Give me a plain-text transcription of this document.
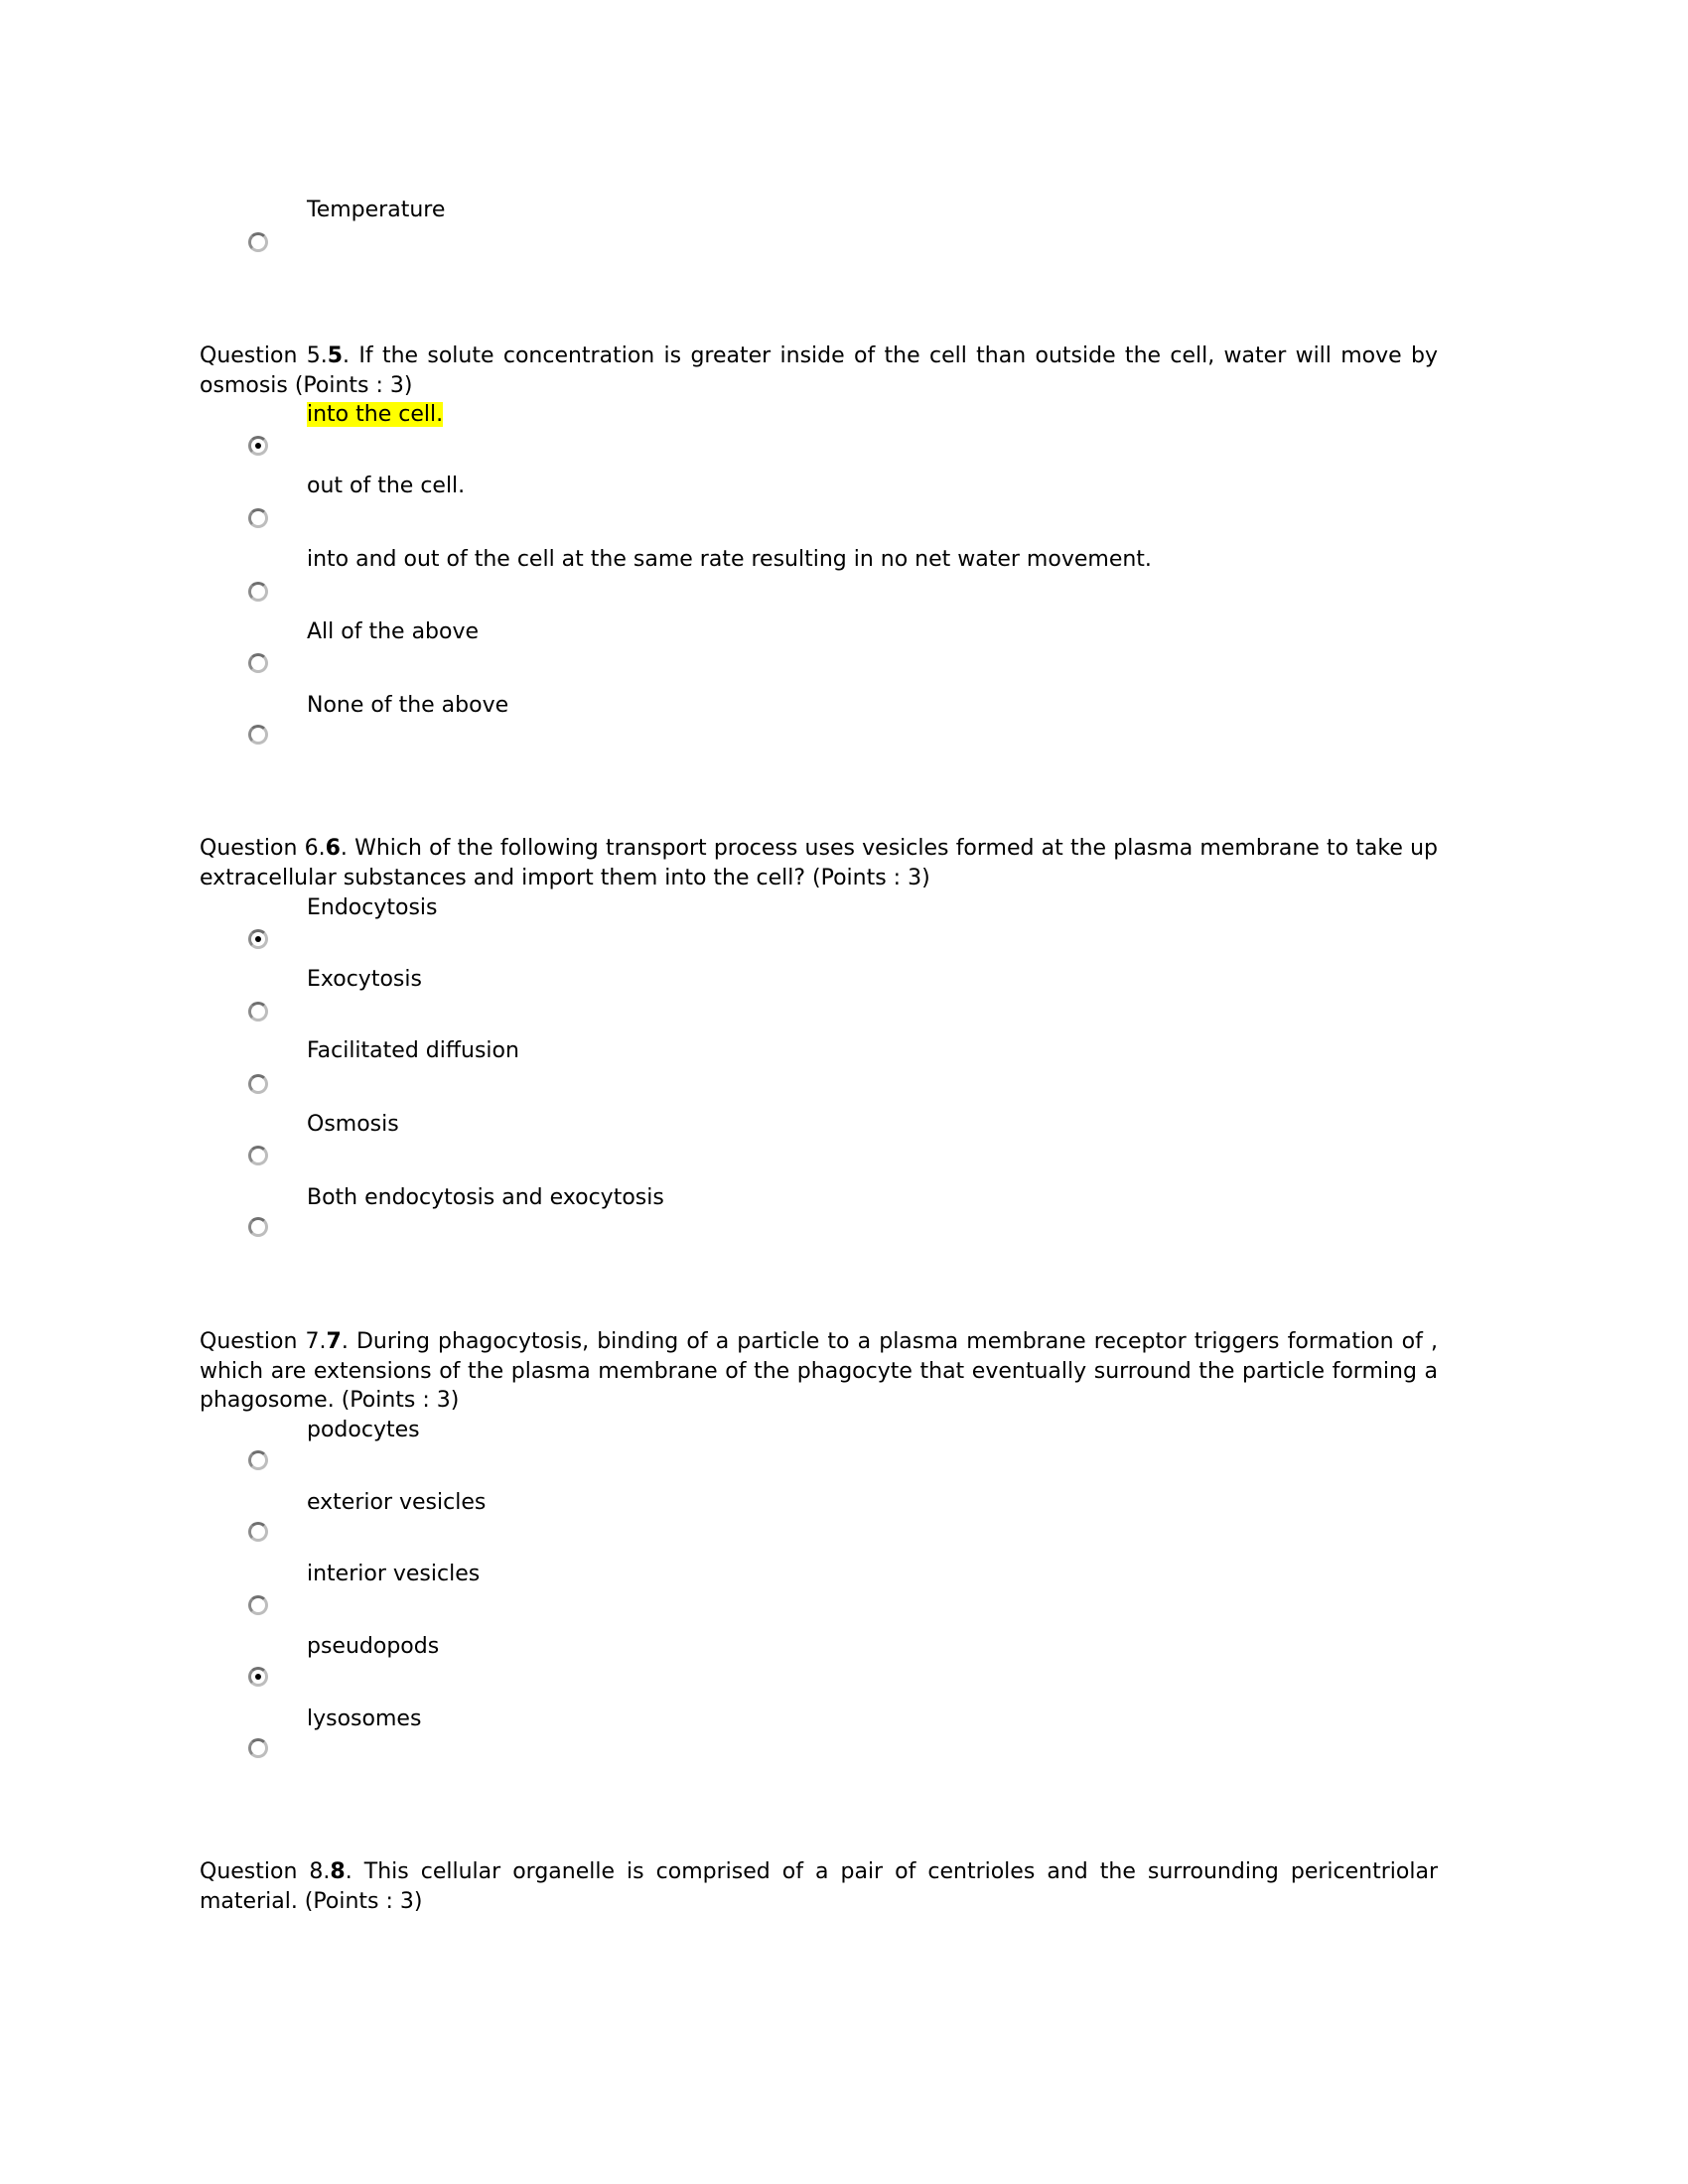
Temperature
Question 5.5. If the solute concentration is greater inside of the cell than outside the cell, water will move by osmosis (Points : 3)
into the cell.
out of the cell.
into and out of the cell at the same rate resulting in no net water movement.
All of the above
None of the above
Question 6.6. Which of the following transport process uses vesicles formed at the plasma membrane to take up extracellular substances and import them into the cell? (Points : 3)
Endocytosis
Exocytosis
Facilitated diffusion
Osmosis
Both endocytosis and exocytosis
Question 7.7. During phagocytosis, binding of a particle to a plasma membrane receptor triggers formation of , which are extensions of the plasma membrane of the phagocyte that eventually surround the particle forming a phagosome. (Points : 3)
podocytes
exterior vesicles
interior vesicles
pseudopods
lysosomes
Question 8.8. This cellular organelle is comprised of a pair of centrioles and the surrounding pericentriolar material. (Points : 3)
